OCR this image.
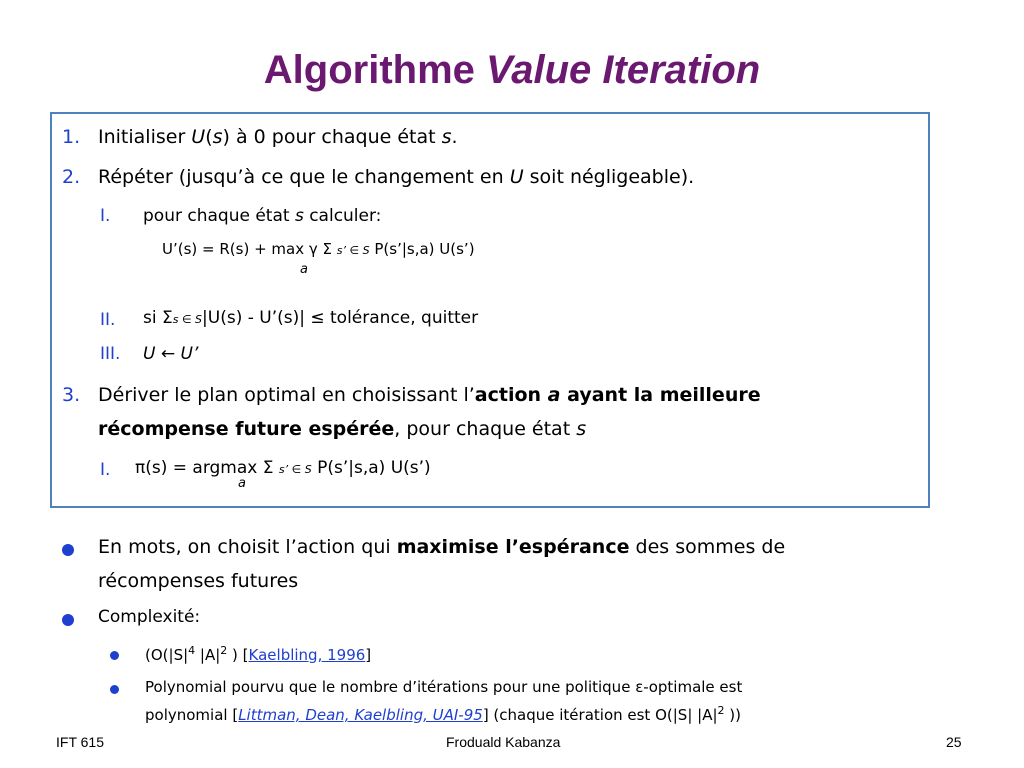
Algorithme Value Iteration
1. Initialiser U(s) à 0 pour chaque état s.
2. Répéter (jusqu’à ce que le changement en U soit négligeable).
I. pour chaque état s calculer:
U’(s) = R(s) + max γ Σ s’ ∈ S P(s’|s,a) U(s’)
a
II. si Σs ∈ S|U(s) - U’(s)| ≤ tolérance, quitter
III. U ← U’
3. Dériver le plan optimal en choisissant l’action a ayant la meilleure
récompense future espérée, pour chaque état s
I. π(s) = argmax Σ s’ ∈ S P(s’|s,a) U(s’)
a
En mots, on choisit l’action qui maximise l’espérance des sommes de
récompenses futures
Complexité:
($O(|S|^4$ $|A|^2$ ) [Kaelbling, 1996]
Polynomial pourvu que le nombre d’itérations pour une politique ε-optimale est
polynomial [Littman, Dean, Kaelbling, UAI-95] (chaque itération est O(|S| $|A|^2$ ))
IFT 615	Froduald Kabanza	25
